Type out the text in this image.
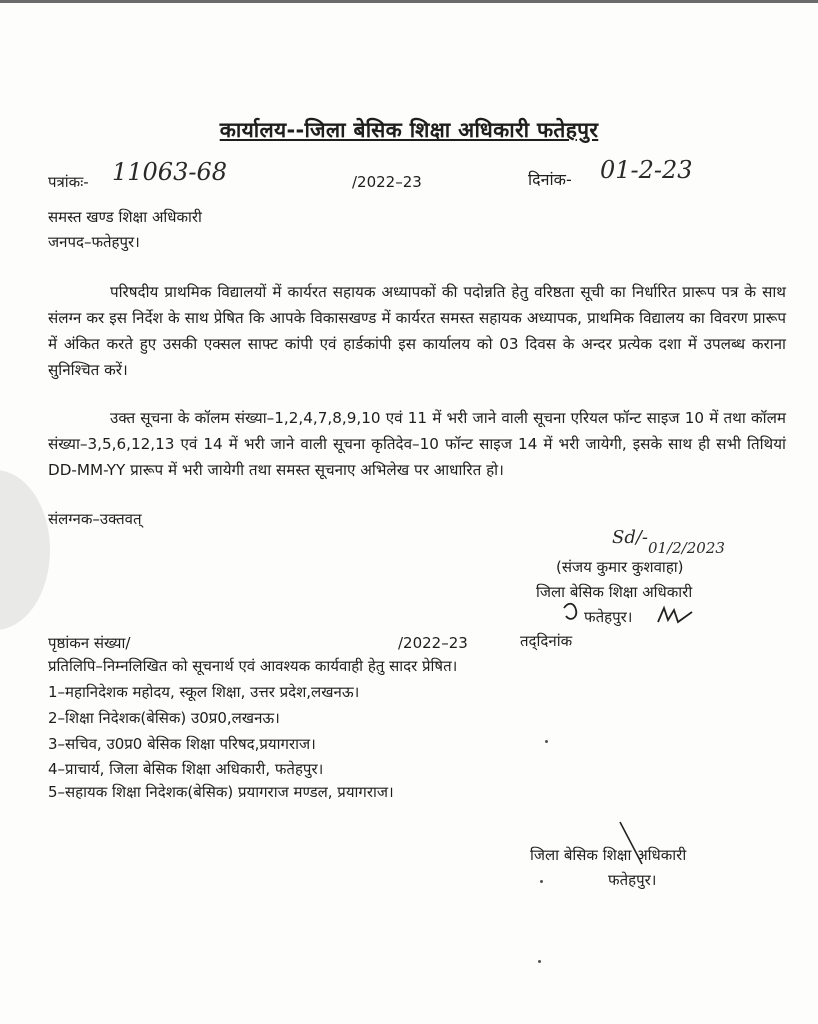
कार्यालय--जिला बेसिक शिक्षा अधिकारी फतेहपुर
पत्रांकः- 11063-68	/2022–23	दिनांक- 01-2-23
समस्त खण्ड शिक्षा अधिकारी
जनपद–फतेहपुर।
परिषदीय प्राथमिक विद्यालयों में कार्यरत सहायक अध्यापकों की पदोन्नति हेतु वरिष्ठता सूची का निर्धारित प्रारूप पत्र के साथ संलग्न कर इस निर्देश के साथ प्रेषित कि आपके विकासखण्ड में कार्यरत समस्त सहायक अध्यापक, प्राथमिक विद्यालय का विवरण प्रारूप में अंकित करते हुए उसकी एक्सल साफ्ट कांपी एवं हार्डकांपी इस कार्यालय को 03 दिवस के अन्दर प्रत्येक दशा में उपलब्ध कराना सुनिश्चित करें।
उक्त सूचना के कॉलम संख्या–1,2,4,7,8,9,10 एवं 11 में भरी जाने वाली सूचना एरियल फॉन्ट साइज 10 में तथा कॉलम संख्या–3,5,6,12,13 एवं 14 में भरी जाने वाली सूचना कृतिदेव–10 फॉन्ट साइज 14 में भरी जायेगी, इसके साथ ही सभी तिथियां DD-MM-YY प्रारूप में भरी जायेगी तथा समस्त सूचनाए अभिलेख पर आधारित हो।
संलग्नक–उक्तवत्
Sd/- 01/2/2023
(संजय कुमार कुशवाहा)
जिला बेसिक शिक्षा अधिकारी
फतेहपुर।
पृष्ठांकन संख्या/	/2022–23	तद्‌दिनांक
प्रतिलिपि–निम्नलिखित को सूचनार्थ एवं आवश्यक कार्यवाही हेतु सादर प्रेषित।
1–महानिदेशक महोदय, स्कूल शिक्षा, उत्तर प्रदेश,लखनऊ।
2–शिक्षा निदेशक(बेसिक) उ0प्र0,लखनऊ।
3–सचिव, उ0प्र0 बेसिक शिक्षा परिषद,प्रयागराज।
4–प्राचार्य, जिला बेसिक शिक्षा अधिकारी, फतेहपुर।
5–सहायक शिक्षा निदेशक(बेसिक) प्रयागराज मण्डल, प्रयागराज।
जिला बेसिक शिक्षा अधिकारी
फतेहपुर।
